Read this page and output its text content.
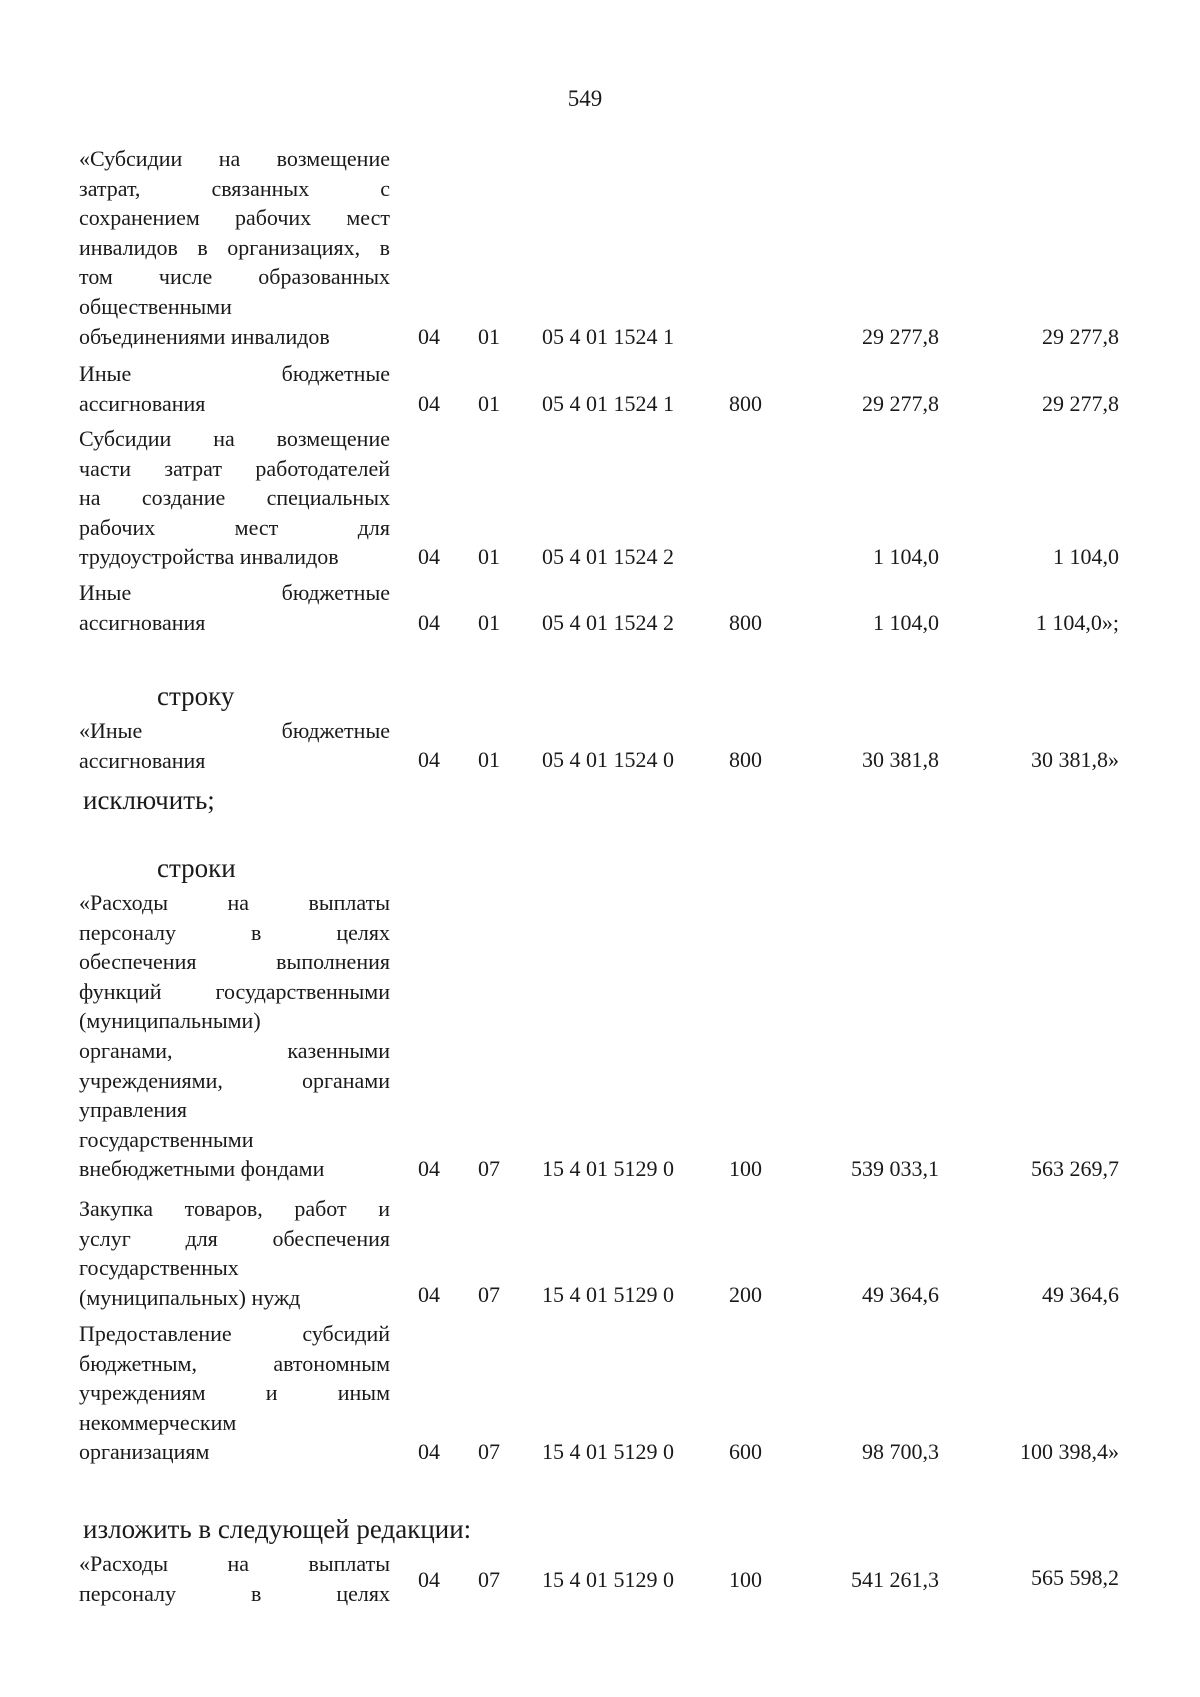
549
«Субсидии на возмещение
затрат, связанных с
сохранением рабочих мест
инвалидов в организациях, в
том числе образованных
общественными
объединениями инвалидов	04 01 05 4 01 1524 1	29 277,8	29 277,8
Иные бюджетные
ассигнования	04 01 05 4 01 1524 1	800	29 277,8	29 277,8
Субсидии на возмещение
части затрат работодателей
на создание специальных
рабочих мест для
трудоустройства инвалидов	04 01 05 4 01 1524 2	1 104,0	1 104,0
Иные бюджетные
ассигнования	04 01 05 4 01 1524 2	800	1 104,0	1 104,0»;
строку
«Иные бюджетные
ассигнования	04 01 05 4 01 1524 0	800	30 381,8	30 381,8»
исключить;
строки
«Расходы на выплаты
персоналу в целях
обеспечения выполнения
функций государственными
(муниципальными)
органами, казенными
учреждениями, органами
управления
государственными
внебюджетными фондами	04 07 15 4 01 5129 0	100	539 033,1	563 269,7
Закупка товаров, работ и
услуг для обеспечения
государственных
(муниципальных) нужд	04 07 15 4 01 5129 0	200	49 364,6	49 364,6
Предоставление субсидий
бюджетным, автономным
учреждениям и иным
некоммерческим
организациям	04 07 15 4 01 5129 0	600	98 700,3	100 398,4»
изложить в следующей редакции:
«Расходы на выплаты
персоналу в целях
04 07 15 4 01 5129 0	100	541 261,3	565 598,2
